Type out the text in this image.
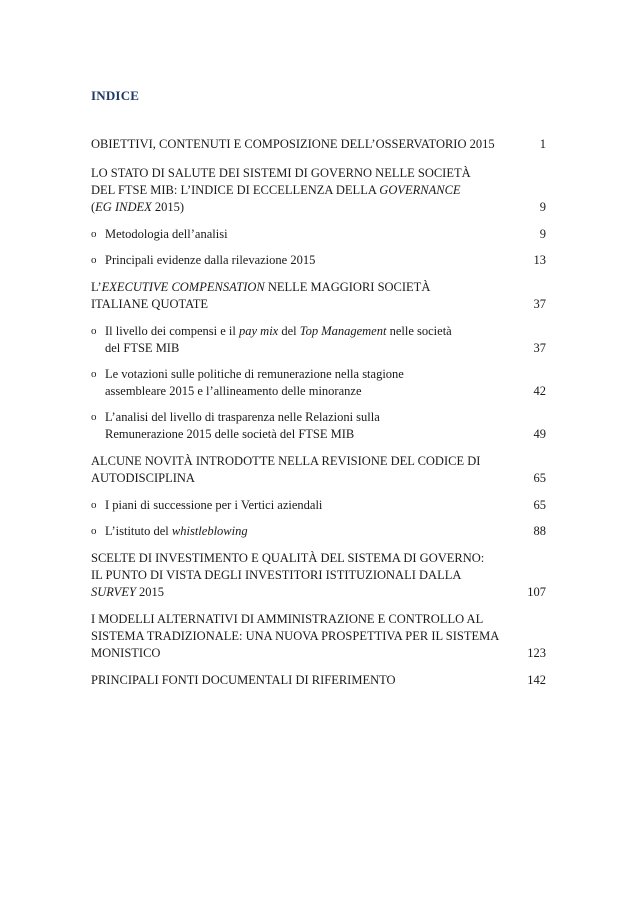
INDICE
OBIETTIVI, CONTENUTI E COMPOSIZIONE DELL’OSSERVATORIO 2015	1
LO STATO DI SALUTE DEI SISTEMI DI GOVERNO NELLE SOCIETÀ
DEL FTSE MIB: L’INDICE DI ECCELLENZA DELLA GOVERNANCE
(EG INDEX 2015)	9
o Metodologia dell’analisi	9
o Principali evidenze dalla rilevazione 2015	13
L’EXECUTIVE COMPENSATION NELLE MAGGIORI SOCIETÀ
ITALIANE QUOTATE	37
o Il livello dei compensi e il pay mix del Top Management nelle società
del FTSE MIB	37
o Le votazioni sulle politiche di remunerazione nella stagione
assembleare 2015 e l’allineamento delle minoranze	42
o L’analisi del livello di trasparenza nelle Relazioni sulla
Remunerazione 2015 delle società del FTSE MIB	49
ALCUNE NOVITÀ INTRODOTTE NELLA REVISIONE DEL CODICE DI
AUTODISCIPLINA	65
o I piani di successione per i Vertici aziendali	65
o L’istituto del whistleblowing	88
SCELTE DI INVESTIMENTO E QUALITÀ DEL SISTEMA DI GOVERNO:
IL PUNTO DI VISTA DEGLI INVESTITORI ISTITUZIONALI DALLA
SURVEY 2015	107
I MODELLI ALTERNATIVI DI AMMINISTRAZIONE E CONTROLLO AL
SISTEMA TRADIZIONALE: UNA NUOVA PROSPETTIVA PER IL SISTEMA
MONISTICO	123
PRINCIPALI FONTI DOCUMENTALI DI RIFERIMENTO	142
